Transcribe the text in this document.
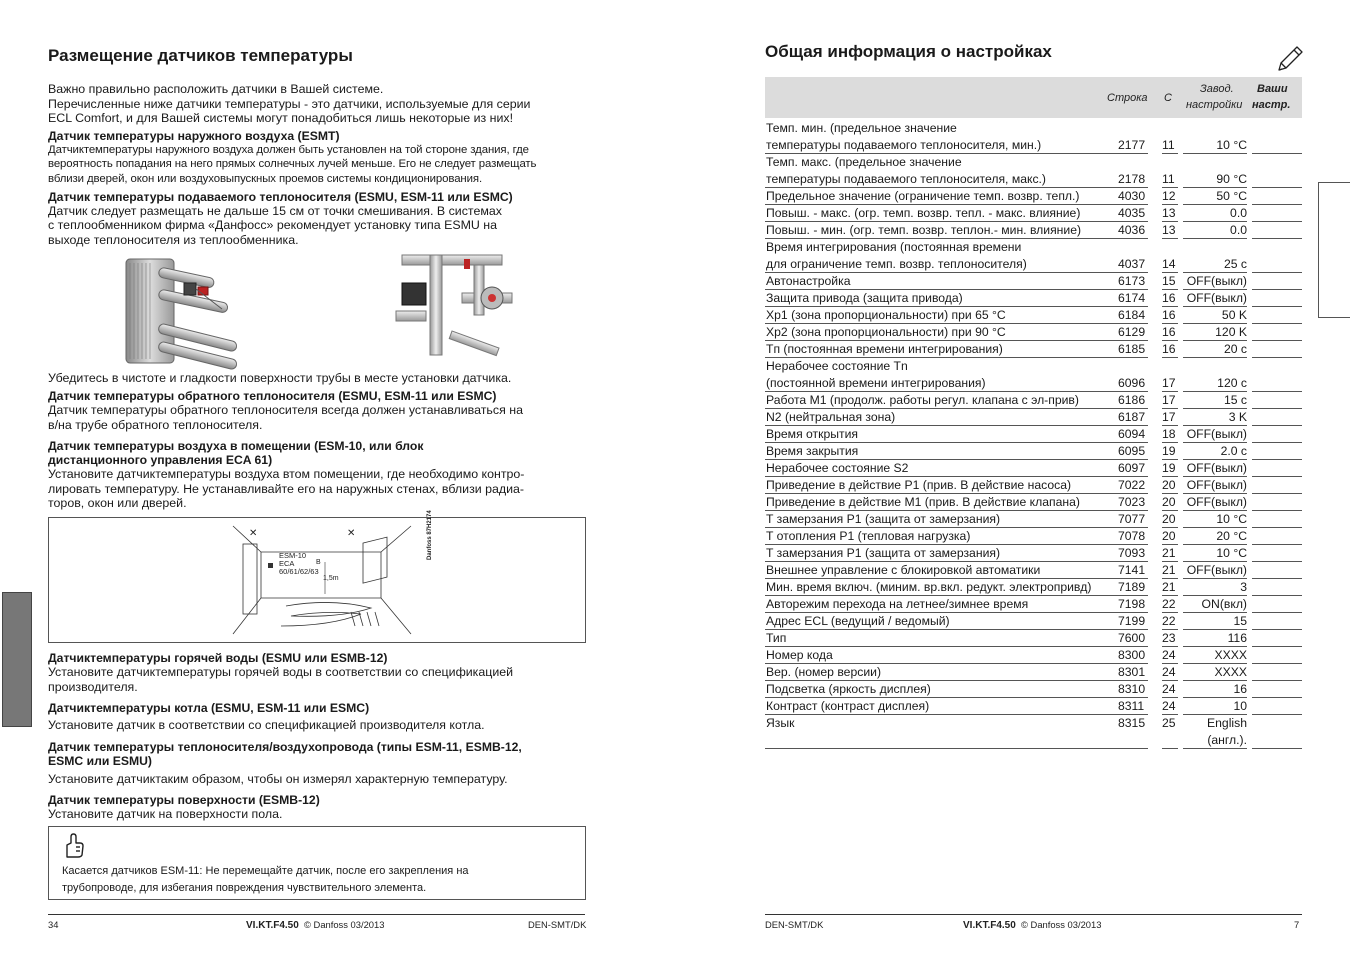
Размещение датчиков температуры
Важно правильно расположить датчики в Вашей системе.
Перечисленные ниже датчики температуры - это датчики, используемые для серии
ECL Comfort, и для Вашей системы могут понадобиться лишь некоторые из них!
Датчик температуры наружного воздуха (ESMT)
Датчиктемпературы наружного воздуха должен быть установлен на той стороне здания, где
вероятность попадания на него прямых солнечных лучей меньше. Его не следует размещать
вблизи дверей, окон или воздуховыпускных проемов системы кондиционирования.
Датчик температуры подаваемого теплоносителя (ESMU, ESM-11 или ESMC)
Датчик следует размещать не дальше 15 см от точки смешивания. В системах
с теплообменником фирма «Данфосс» рекомендует установку типа ESMU на
выходе теплоносителя из теплообменника.
Убедитесь в чистоте и гладкости поверхности трубы в месте установки датчика.
Датчик температуры обратного теплоносителя (ESMU, ESM-11 или ESMC)
Датчик температуры обратного теплоносителя всегда должен устанавливаться на
в/на трубе обратного теплоносителя.
Датчик температуры воздуха в помещении (ESM-10, или блок
дистанционного управления ECA 61)
Установите датчиктемпературы воздуха втом помещении, где необходимо контро-
лировать температуру. Не устанавливайте его на наружных стенах, вблизи радиа-
торов, окон или дверей.
ESM-10
ECA
60/61/62/63
B
1,5m
Danfoss 87H2174
✕	✕
Датчиктемпературы горячей воды (ESMU или ESMB-12)
Установите датчиктемпературы горячей воды в соответствии со спецификацией
производителя.
Датчиктемпературы котла (ESMU, ESM-11 или ESMC)
Установите датчик в соответствии со спецификацией производителя котла.
Датчик температуры теплоносителя/воздухопровода (типы ESM-11, ESMB-12,
ESMC или ESMU)
Установите датчиктаким образом, чтобы он измерял характерную температуру.
Датчик температуры поверхности (ESMB-12)
Установите датчик на поверхности пола.
Касается датчиков ESM-11: Не перемещайте датчик, после его закрепления на
трубопроводе, для избегания повреждения чувствительного элемента.
34	VI.KT.F4.50 © Danfoss 03/2013	DEN-SMT/DK
Общая информация о настройках
Строка С
Завод.
настройки
Ваши
настр.
Темп. мин. (предельное значение
температуры подаваемого теплоносителя, мин.)	2177 11	10 °C
Темп. макс. (предельное значение
температуры подаваемого теплоносителя, макс.)	2178 11	90 °C
Предельное значение (ограничение темп. возвр. тепл.)	4030 12	50 °C
Повыш. - макс. (огр. темп. возвр. тепл. - макс. влияние)	4035 13	0.0
Повыш. - мин. (огр. темп. возвр. теплон.- мин. влияние)	4036 13	0.0
Время интегрирования (постоянная времени
для ограничение темп. возвр. теплоносителя)	4037 14	25 с
Автонастройка	6173 15 OFF(выкл)
Защита привода (защита привода)	6174 16 OFF(выкл)
Xp1 (зона пропорциональности) при 65 °C	6184 16	50 K
Xp2 (зона пропорциональности) при 90 °C	6129 16	120 K
Tп (постоянная времени интегрирования)	6185 16	20 с
Нерабочее состояние Tn
(постоянной времени интегрирования)	6096 17	120 с
Работа M1 (продолж. работы регул. клапана с эл-прив)	6186 17	15 с
N2 (нейтральная зона)	6187 17	3 K
Время открытия	6094 18 OFF(выкл)
Время закрытия	6095 19	2.0 с
Нерабочее состояние S2	6097 19 OFF(выкл)
Приведение в действие P1 (прив. В действие насоса)	7022 20 OFF(выкл)
Приведение в действие M1 (прив. В действие клапана)	7023 20 OFF(выкл)
T замерзания P1 (защита от замерзания)	7077 20	10 °C
T отопления P1 (тепловая нагрузка)	7078 20	20 °C
T замерзания P1 (защита от замерзания)	7093 21	10 °C
Внешнее управление с блокировкой автоматики	7141 21 OFF(выкл)
Мин. время включ. (миним. вр.вкл. редукт. электропривд) 7189 21	3
Авторежим перехода на летнее/зимнее время	7198 22 ON(вкл)
Адрес ECL (ведущий / ведомый)	7199 22	15
Тип	7600 23	116
Номер кода	8300 24	XXXX
Вер. (номер версии)	8301 24	XXXX
Подсветка (яркость дисплея)	8310 24	16
Контраст (контраст дисплея)	8311 24	10
Язык	8315 25	English
(англ.).
DEN-SMT/DK	VI.KT.F4.50 © Danfoss 03/2013	7
